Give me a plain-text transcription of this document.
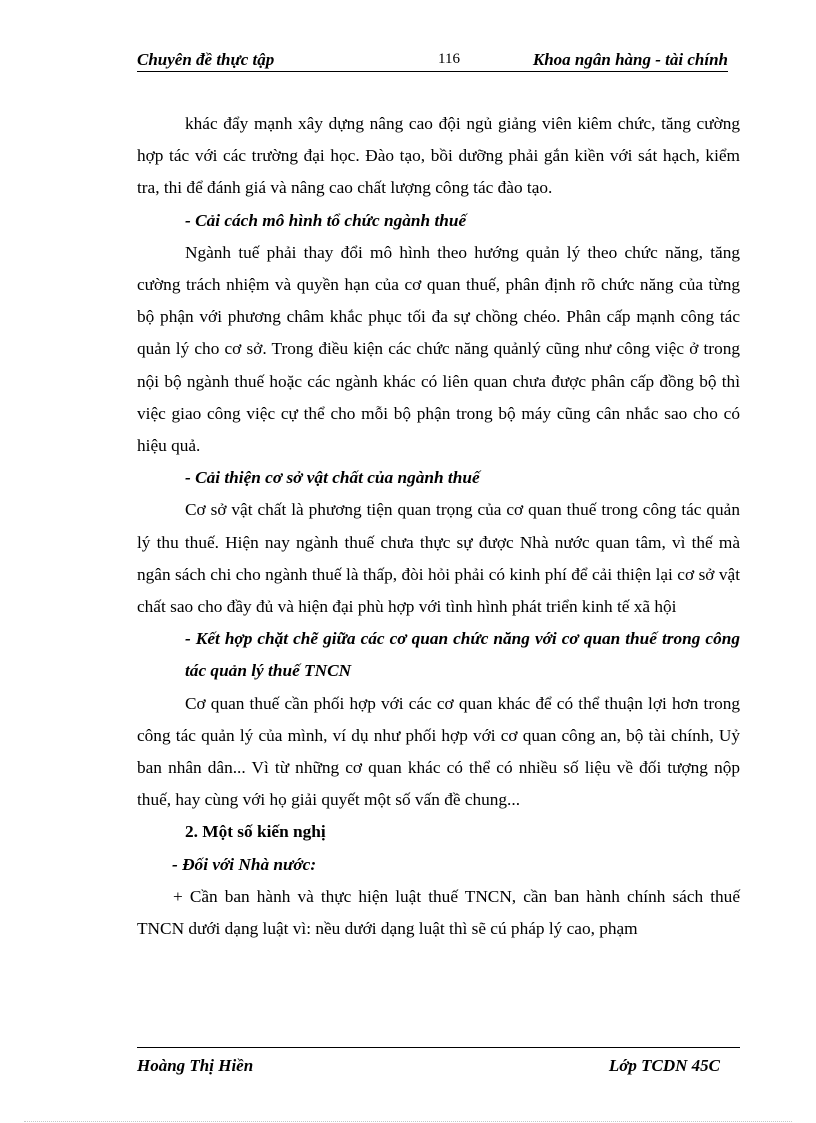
Chuyên đề thực tập	116	Khoa ngân hàng - tài chính

khác đẩy mạnh xây dựng nâng cao đội ngủ giảng viên kiêm chức, tăng cường hợp tác với các trường đại học. Đào tạo, bồi dưỡng phải gắn kiền với sát hạch, kiểm tra, thi để đánh giá và nâng cao chất lượng công tác đào tạo.

- Cải cách mô hình tổ chức ngành thuế

Ngành tuế phải thay đổi mô hình theo hướng quản lý theo chức năng, tăng cường trách nhiệm và quyền hạn của cơ quan thuế, phân định rõ chức năng của từng bộ phận với phương châm khắc phục tối đa sự chồng chéo. Phân cấp mạnh công tác quản lý cho cơ sở. Trong điều kiện các chức năng quảnlý cũng như công việc ở trong nội bộ ngành thuế hoặc các ngành khác có liên quan chưa được phân cấp đồng bộ thì việc giao công việc cự thể cho mỗi bộ phận trong bộ máy cũng cân nhắc sao cho có hiệu quả.

- Cải thiện cơ sở vật chất của ngành thuế

Cơ sở vật chất là phương tiện quan trọng của cơ quan thuế trong công tác quản lý thu thuế. Hiện nay ngành thuế chưa thực sự được Nhà nước quan tâm, vì thế mà ngân sách chi cho ngành thuế là thấp, đòi hỏi phải có kinh phí để cải thiện lại cơ sở vật chất sao cho đầy đủ và hiện đại phù hợp với tình hình phát triển kinh tế xã hội

- Kết hợp chặt chẽ giữa các cơ quan chức năng với cơ quan thuế trong công tác quản lý thuế TNCN

Cơ quan thuế cần phối hợp với các cơ quan khác để có thể thuận lợi hơn trong công tác quản lý của mình, ví dụ như phối hợp với cơ quan công an, bộ tài chính, Uỷ ban nhân dân... Vì từ những cơ quan khác có thể có nhiều số liệu về đối tượng nộp thuế, hay cùng với họ giải quyết một số vấn đề chung...

2. Một số kiến nghị
- Đối với Nhà nước:

+ Cần ban hành và thực hiện luật thuế TNCN, cần ban hành chính sách thuế TNCN dưới dạng luật vì: nều dưới dạng luật thì sẽ cú pháp lý cao, phạm

Hoàng Thị Hiền	Lớp TCDN 45C
